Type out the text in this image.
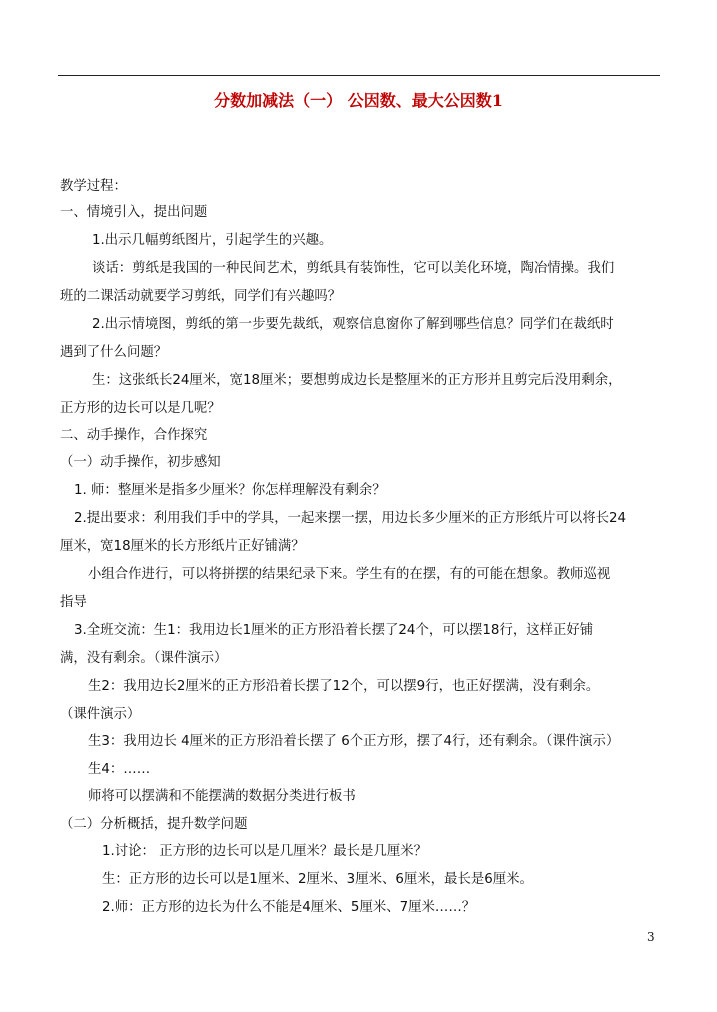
分数加减法（一） 公因数、最大公因数1
教学过程：
一、情境引入，提出问题
1.出示几幅剪纸图片，引起学生的兴趣。
谈话：剪纸是我国的一种民间艺术，剪纸具有装饰性，它可以美化环境，陶冶情操。我们
班的二课活动就要学习剪纸，同学们有兴趣吗？
2.出示情境图，剪纸的第一步要先裁纸，观察信息窗你了解到哪些信息？同学们在裁纸时
遇到了什么问题？
生：这张纸长24厘米，宽18厘米；要想剪成边长是整厘米的正方形并且剪完后没用剩余，
正方形的边长可以是几呢？
二、动手操作，合作探究
（一）动手操作，初步感知
1. 师：整厘米是指多少厘米？你怎样理解没有剩余？
2.提出要求：利用我们手中的学具，一起来摆一摆，用边长多少厘米的正方形纸片可以将长24
厘米，宽18厘米的长方形纸片正好铺满？
小组合作进行，可以将拼摆的结果纪录下来。学生有的在摆，有的可能在想象。教师巡视
指导
3.全班交流：生1：我用边长1厘米的正方形沿着长摆了24个，可以摆18行，这样正好铺
满，没有剩余。（课件演示）
生2：我用边长2厘米的正方形沿着长摆了12个，可以摆9行，也正好摆满，没有剩余。
（课件演示）
生3：我用边长 4厘米的正方形沿着长摆了 6个正方形，摆了4行，还有剩余。（课件演示）
生4：……
师将可以摆满和不能摆满的数据分类进行板书
（二）分析概括，提升数学问题
1.讨论： 正方形的边长可以是几厘米？最长是几厘米？
生：正方形的边长可以是1厘米、2厘米、3厘米、6厘米，最长是6厘米。
2.师：正方形的边长为什么不能是4厘米、5厘米、7厘米……？
3
